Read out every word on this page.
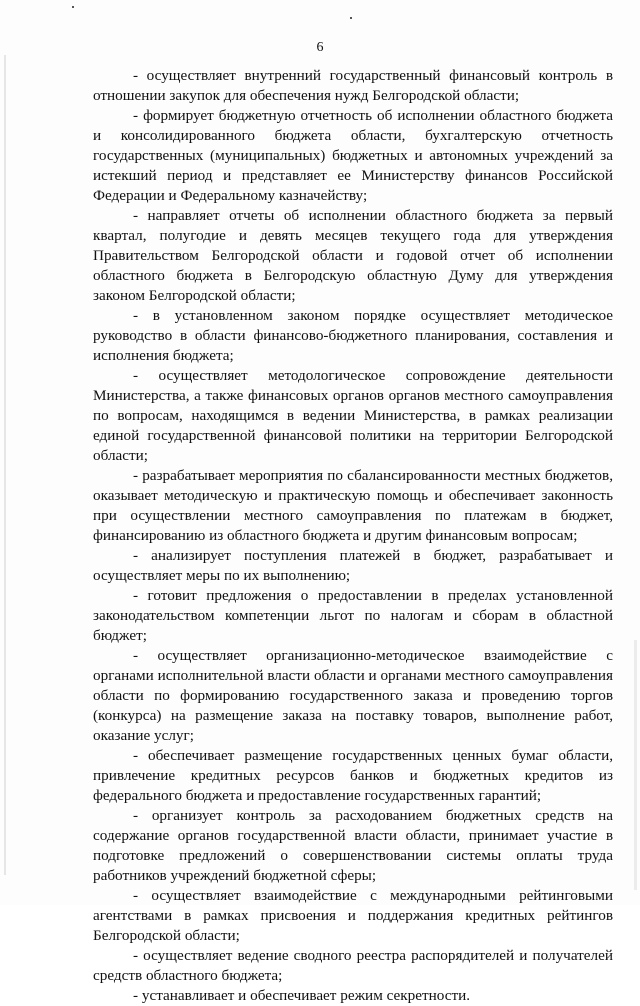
6

- осуществляет внутренний государственный финансовый контроль в отношении закупок для обеспечения нужд Белгородской области;

- формирует бюджетную отчетность об исполнении областного бюджета и консолидированного бюджета области, бухгалтерскую отчетность государственных (муниципальных) бюджетных и автономных учреждений за истекший период и представляет ее Министерству финансов Российской Федерации и Федеральному казначейству;

- направляет отчеты об исполнении областного бюджета за первый квартал, полугодие и девять месяцев текущего года для утверждения Правительством Белгородской области и годовой отчет об исполнении областного бюджета в Белгородскую областную Думу для утверждения законом Белгородской области;

- в установленном законом порядке осуществляет методическое руководство в области финансово-бюджетного планирования, составления и исполнения бюджета;

- осуществляет методологическое сопровождение деятельности Министерства, а также финансовых органов органов местного самоуправления по вопросам, находящимся в ведении Министерства, в рамках реализации единой государственной финансовой политики на территории Белгородской области;

- разрабатывает мероприятия по сбалансированности местных бюджетов, оказывает методическую и практическую помощь и обеспечивает законность при осуществлении местного самоуправления по платежам в бюджет, финансированию из областного бюджета и другим финансовым вопросам;

- анализирует поступления платежей в бюджет, разрабатывает и осуществляет меры по их выполнению;

- готовит предложения о предоставлении в пределах установленной законодательством компетенции льгот по налогам и сборам в областной бюджет;

- осуществляет организационно-методическое взаимодействие с органами исполнительной власти области и органами местного самоуправления области по формированию государственного заказа и проведению торгов (конкурса) на размещение заказа на поставку товаров, выполнение работ, оказание услуг;

- обеспечивает размещение государственных ценных бумаг области, привлечение кредитных ресурсов банков и бюджетных кредитов из федерального бюджета и предоставление государственных гарантий;

- организует контроль за расходованием бюджетных средств на содержание органов государственной власти области, принимает участие в подготовке предложений о совершенствовании системы оплаты труда работников учреждений бюджетной сферы;

- осуществляет взаимодействие с международными рейтинговыми агентствами в рамках присвоения и поддержания кредитных рейтингов Белгородской области;

- осуществляет ведение сводного реестра распорядителей и получателей средств областного бюджета;

- устанавливает и обеспечивает режим секретности.
